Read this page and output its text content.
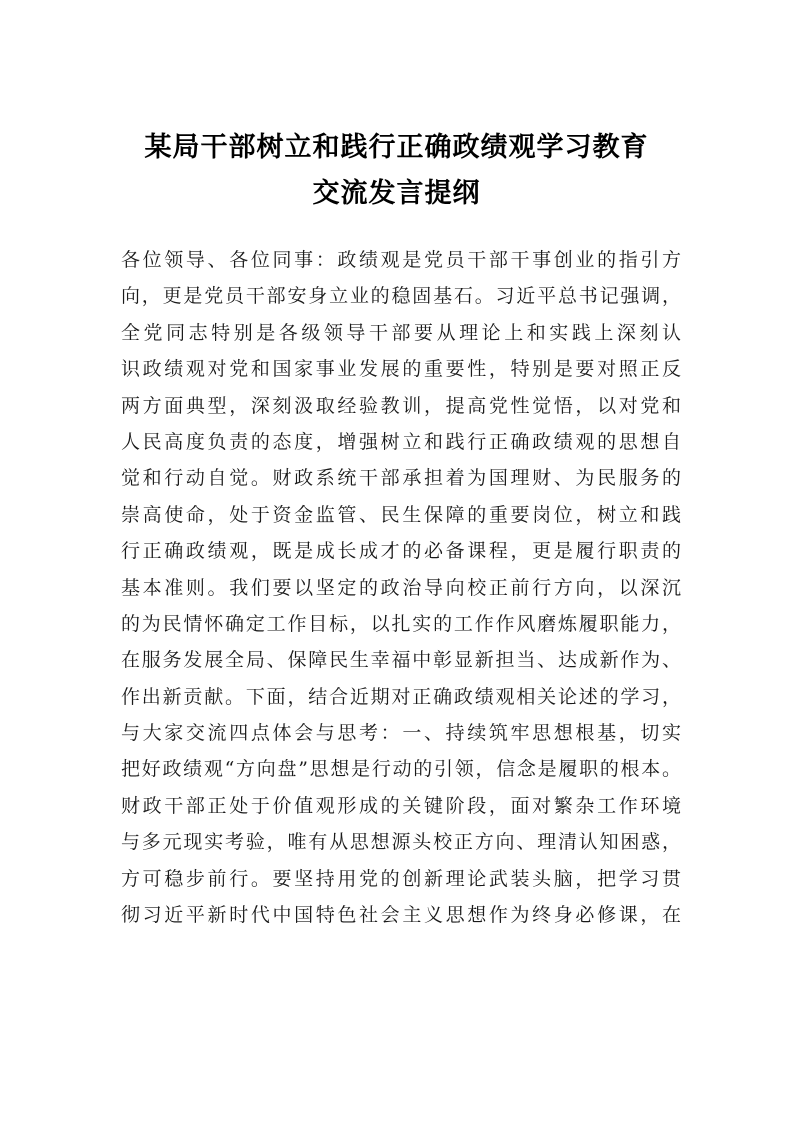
某局干部树立和践行正确政绩观学习教育
交流发言提纲
各位领导、各位同事：政绩观是党员干部干事创业的指引方
向，更是党员干部安身立业的稳固基石。习近平总书记强调，
全党同志特别是各级领导干部要从理论上和实践上深刻认
识政绩观对党和国家事业发展的重要性，特别是要对照正反
两方面典型，深刻汲取经验教训，提高党性觉悟，以对党和
人民高度负责的态度，增强树立和践行正确政绩观的思想自
觉和行动自觉。财政系统干部承担着为国理财、为民服务的
崇高使命，处于资金监管、民生保障的重要岗位，树立和践
行正确政绩观，既是成长成才的必备课程，更是履行职责的
基本准则。我们要以坚定的政治导向校正前行方向，以深沉
的为民情怀确定工作目标，以扎实的工作作风磨炼履职能力，
在服务发展全局、保障民生幸福中彰显新担当、达成新作为、
作出新贡献。下面，结合近期对正确政绩观相关论述的学习，
与大家交流四点体会与思考：一、持续筑牢思想根基，切实
把好政绩观“方向盘”思想是行动的引领，信念是履职的根本。
财政干部正处于价值观形成的关键阶段，面对繁杂工作环境
与多元现实考验，唯有从思想源头校正方向、理清认知困惑，
方可稳步前行。要坚持用党的创新理论武装头脑，把学习贯
彻习近平新时代中国特色社会主义思想作为终身必修课，在
